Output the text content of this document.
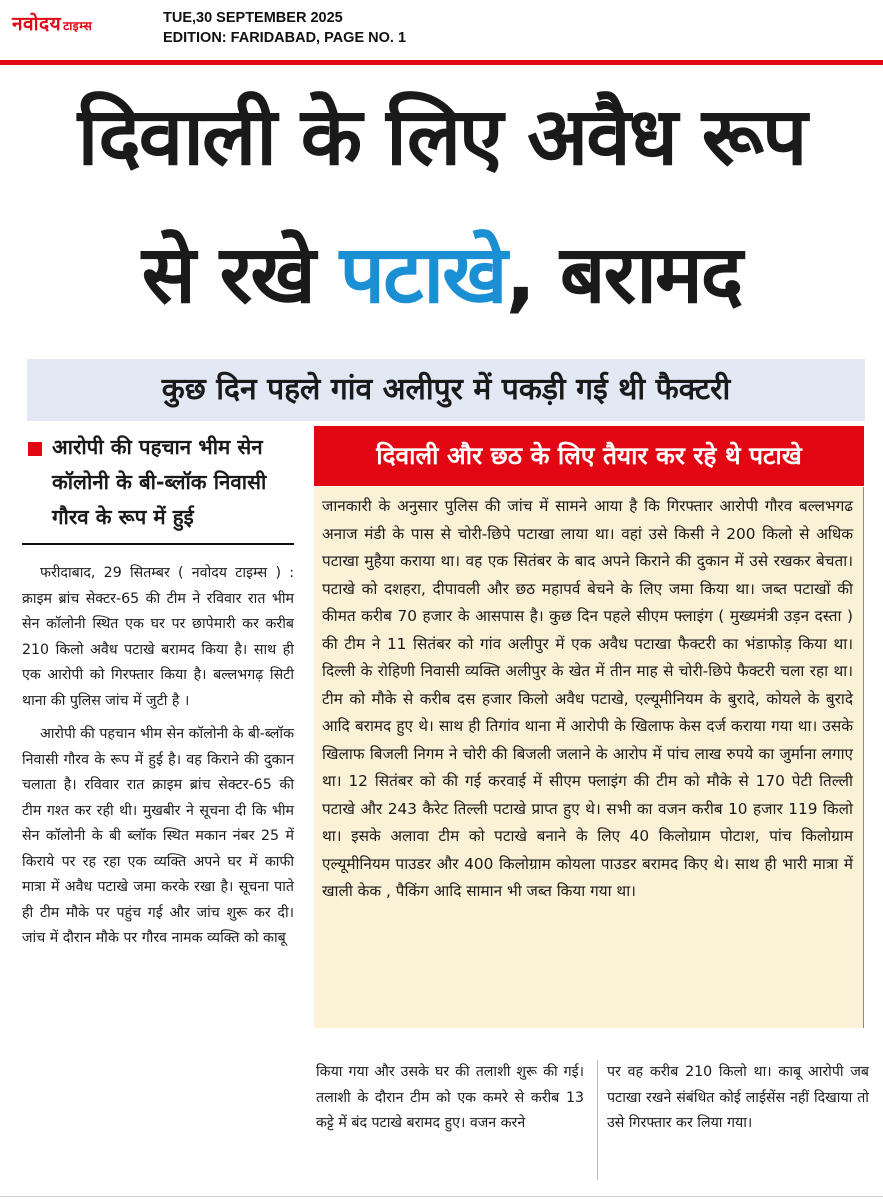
नवोदय टाइम्स	TUE,30 SEPTEMBER 2025
EDITION: FARIDABAD, PAGE NO. 1
दिवाली के लिए अवैध रूप
से रखे पटाखे, बरामद
कुछ दिन पहले गांव अलीपुर में पकड़ी गई थी फैक्टरी
आरोपी की पहचान भीम सेन कॉलोनी के बी-ब्लॉक निवासी गौरव के रूप में हुई

फरीदाबाद, 29 सितम्बर ( नवोदय टाइम्स ) : क्राइम ब्रांच सेक्टर-65 की टीम ने रविवार रात भीम सेन कॉलोनी स्थित एक घर पर छापेमारी कर करीब 210 किलो अवैध पटाखे बरामद किया है। साथ ही एक आरोपी को गिरफ्तार किया है। बल्लभगढ़ सिटी थाना की पुलिस जांच में जुटी है ।

आरोपी की पहचान भीम सेन कॉलोनी के बी-ब्लॉक निवासी गौरव के रूप में हुई है। वह किराने की दुकान चलाता है। रविवार रात क्राइम ब्रांच सेक्टर-65 की टीम गश्त कर रही थी। मुखबीर ने सूचना दी कि भीम सेन कॉलोनी के बी ब्लॉक स्थित मकान नंबर 25 में किराये पर रह रहा एक व्यक्ति अपने घर में काफी मात्रा में अवैध पटाखे जमा करके रखा है। सूचना पाते ही टीम मौके पर पहुंच गई और जांच शुरू कर दी। जांच में दौरान मौके पर गौरव नामक व्यक्ति को काबू

दिवाली और छठ के लिए तैयार कर रहे थे पटाखे
जानकारी के अनुसार पुलिस की जांच में सामने आया है कि गिरफ्तार आरोपी गौरव बल्लभगढ अनाज मंडी के पास से चोरी-छिपे पटाखा लाया था। वहां उसे किसी ने 200 किलो से अधिक पटाखा मुहैया कराया था। वह एक सितंबर के बाद अपने किराने की दुकान में उसे रखकर बेचता। पटाखे को दशहरा, दीपावली और छठ महापर्व बेचने के लिए जमा किया था। जब्त पटाखों की कीमत करीब 70 हजार के आसपास है। कुछ दिन पहले सीएम फ्लाइंग ( मुख्यमंत्री उड़न दस्ता ) की टीम ने 11 सितंबर को गांव अलीपुर में एक अवैध पटाखा फैक्टरी का भंडाफोड़ किया था। दिल्ली के रोहिणी निवासी व्यक्ति अलीपुर के खेत में तीन माह से चोरी-छिपे फैक्टरी चला रहा था। टीम को मौके से करीब दस हजार किलो अवैध पटाखे, एल्यूमीनियम के बुरादे, कोयले के बुरादे आदि बरामद हुए थे। साथ ही तिगांव थाना में आरोपी के खिलाफ केस दर्ज कराया गया था। उसके खिलाफ बिजली निगम ने चोरी की बिजली जलाने के आरोप में पांच लाख रुपये का जुर्माना लगाए था। 12 सितंबर को की गई करवाई में सीएम फ्लाइंग की टीम को मौके से 170 पेटी तिल्ली पटाखे और 243 कैरेट तिल्ली पटाखे प्राप्त हुए थे। सभी का वजन करीब 10 हजार 119 किलो था। इसके अलावा टीम को पटाखे बनाने के लिए 40 किलोग्राम पोटाश, पांच किलोग्राम एल्यूमीनियम पाउडर और 400 किलोग्राम कोयला पाउडर बरामद किए थे। साथ ही भारी मात्रा में खाली केक , पैकिंग आदि सामान भी जब्त किया गया था।
किया गया और उसके घर की तलाशी शुरू की गई। तलाशी के दौरान टीम को एक कमरे से करीब 13 कट्टे में बंद पटाखे बरामद हुए। वजन करने
पर वह करीब 210 किलो था। काबू आरोपी जब पटाखा रखने संबंधित कोई लाईसेंस नहीं दिखाया तो उसे गिरफ्तार कर लिया गया।
